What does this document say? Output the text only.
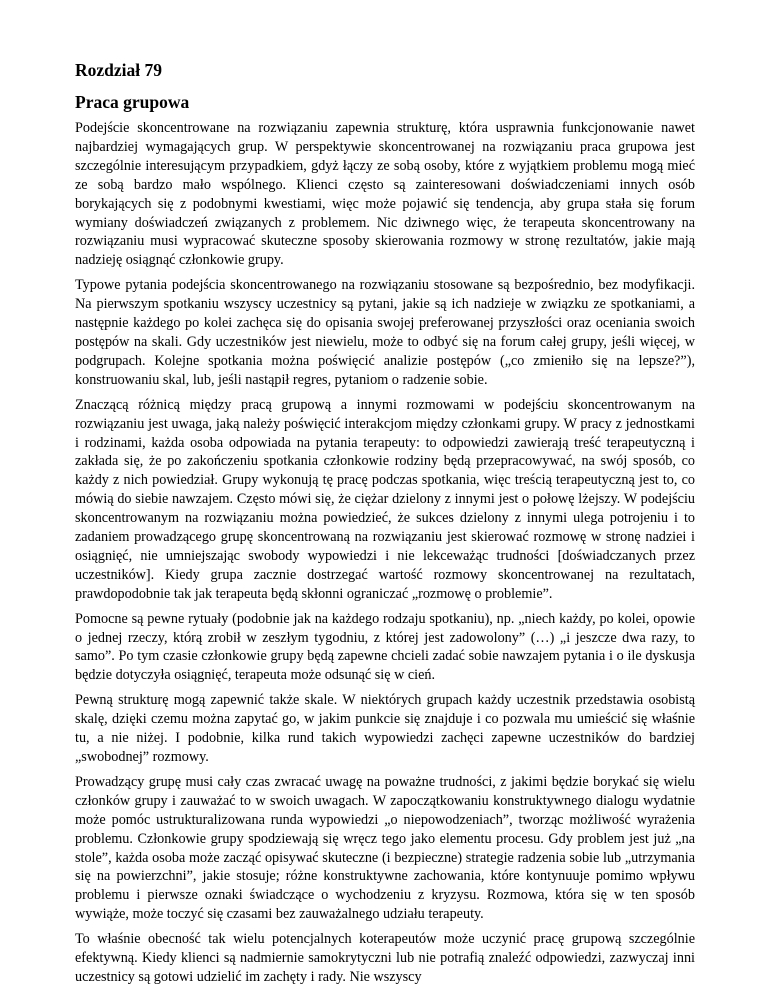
Rozdział 79
Praca grupowa

Podejście skoncentrowane na rozwiązaniu zapewnia strukturę, która usprawnia funkcjonowanie nawet najbardziej wymagających grup. W perspektywie skoncentrowanej na rozwiązaniu praca grupowa jest szczególnie interesującym przypadkiem, gdyż łączy ze sobą osoby, które z wyjątkiem problemu mogą mieć ze sobą bardzo mało wspólnego. Klienci często są zainteresowani doświadczeniami innych osób borykających się z podobnymi kwestiami, więc może pojawić się tendencja, aby grupa stała się forum wymiany doświadczeń związanych z problemem. Nic dziwnego więc, że terapeuta skoncentrowany na rozwiązaniu musi wypracować skuteczne sposoby skierowania rozmowy w stronę rezultatów, jakie mają nadzieję osiągnąć członkowie grupy.

Typowe pytania podejścia skoncentrowanego na rozwiązaniu stosowane są bezpośrednio, bez modyfikacji. Na pierwszym spotkaniu wszyscy uczestnicy są pytani, jakie są ich nadzieje w związku ze spotkaniami, a następnie każdego po kolei zachęca się do opisania swojej preferowanej przyszłości oraz oceniania swoich postępów na skali. Gdy uczestników jest niewielu, może to odbyć się na forum całej grupy, jeśli więcej, w podgrupach. Kolejne spotkania można poświęcić analizie postępów („co zmieniło się na lepsze?”), konstruowaniu skal, lub, jeśli nastąpił regres, pytaniom o radzenie sobie.

Znaczącą różnicą między pracą grupową a innymi rozmowami w podejściu skoncentrowanym na rozwiązaniu jest uwaga, jaką należy poświęcić interakcjom między członkami grupy. W pracy z jednostkami i rodzinami, każda osoba odpowiada na pytania terapeuty: to odpowiedzi zawierają treść terapeutyczną i zakłada się, że po zakończeniu spotkania członkowie rodziny będą przepracowywać, na swój sposób, co każdy z nich powiedział. Grupy wykonują tę pracę podczas spotkania, więc treścią terapeutyczną jest to, co mówią do siebie nawzajem. Często mówi się, że ciężar dzielony z innymi jest o połowę lżejszy. W podejściu skoncentrowanym na rozwiązaniu można powiedzieć, że sukces dzielony z innymi ulega potrojeniu i to zadaniem prowadzącego grupę skoncentrowaną na rozwiązaniu jest skierować rozmowę w stronę nadziei i osiągnięć, nie umniejszając swobody wypowiedzi i nie lekceważąc trudności [doświadczanych przez uczestników]. Kiedy grupa zacznie dostrzegać wartość rozmowy skoncentrowanej na rezultatach, prawdopodobnie tak jak terapeuta będą skłonni ograniczać „rozmowę o problemie”.

Pomocne są pewne rytuały (podobnie jak na każdego rodzaju spotkaniu), np. „niech każdy, po kolei, opowie o jednej rzeczy, którą zrobił w zeszłym tygodniu, z której jest zadowolony” (…) „i jeszcze dwa razy, to samo”. Po tym czasie członkowie grupy będą zapewne chcieli zadać sobie nawzajem pytania i o ile dyskusja będzie dotyczyła osiągnięć, terapeuta może odsunąć się w cień.

Pewną strukturę mogą zapewnić także skale. W niektórych grupach każdy uczestnik przedstawia osobistą skalę, dzięki czemu można zapytać go, w jakim punkcie się znajduje i co pozwala mu umieścić się właśnie tu, a nie niżej. I podobnie, kilka rund takich wypowiedzi zachęci zapewne uczestników do bardziej „swobodnej” rozmowy.

Prowadzący grupę musi cały czas zwracać uwagę na poważne trudności, z jakimi będzie borykać się wielu członków grupy i zauważać to w swoich uwagach. W zapoczątkowaniu konstruktywnego dialogu wydatnie może pomóc ustrukturalizowana runda wypowiedzi „o niepowodzeniach”, tworząc możliwość wyrażenia problemu. Członkowie grupy spodziewają się wręcz tego jako elementu procesu. Gdy problem jest już „na stole”, każda osoba może zacząć opisywać skuteczne (i bezpieczne) strategie radzenia sobie lub „utrzymania się na powierzchni”, jakie stosuje; różne konstruktywne zachowania, które kontynuuje pomimo wpływu problemu i pierwsze oznaki świadczące o wychodzeniu z kryzysu. Rozmowa, która się w ten sposób wywiąże, może toczyć się czasami bez zauważalnego udziału terapeuty.

To właśnie obecność tak wielu potencjalnych koterapeutów może uczynić pracę grupową szczególnie efektywną. Kiedy klienci są nadmiernie samokrytyczni lub nie potrafią znaleźć odpowiedzi, zazwyczaj inni uczestnicy są gotowi udzielić im zachęty i rady. Nie wszyscy
